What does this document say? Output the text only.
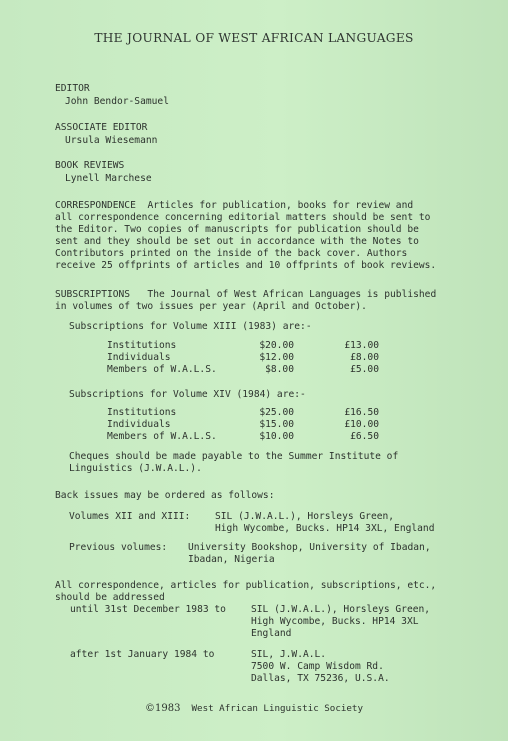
THE JOURNAL OF WEST AFRICAN LANGUAGES
EDITOR
John Bendor-Samuel
ASSOCIATE EDITOR
Ursula Wiesemann
BOOK REVIEWS
Lynell Marchese
CORRESPONDENCE Articles for publication, books for review and
all correspondence concerning editorial matters should be sent to
the Editor. Two copies of manuscripts for publication should be
sent and they should be set out in accordance with the Notes to
Contributors printed on the inside of the back cover. Authors
receive 25 offprints of articles and 10 offprints of book reviews.
SUBSCRIPTIONS The Journal of West African Languages is published
in volumes of two issues per year (April and October).
Subscriptions for Volume XIII (1983) are:-
Institutions	$20.00	£13.00
Individuals	$12.00	£8.00
Members of W.A.L.S.	$8.00	£5.00
Subscriptions for Volume XIV (1984) are:-
Institutions	$25.00	£16.50
Individuals	$15.00	£10.00
Members of W.A.L.S.	$10.00	£6.50
Cheques should be made payable to the Summer Institute of
Linguistics (J.W.A.L.).
Back issues may be ordered as follows:
Volumes XII and XIII:	SIL (J.W.A.L.), Horsleys Green,
High Wycombe, Bucks. HP14 3XL, England
Previous volumes: University Bookshop, University of Ibadan,
Ibadan, Nigeria
All correspondence, articles for publication, subscriptions, etc.,
should be addressed
until 31st December 1983 to	SIL (J.W.A.L.), Horsleys Green,
High Wycombe, Bucks. HP14 3XL
England
after 1st January 1984 to	SIL, J.W.A.L.
7500 W. Camp Wisdom Rd.
Dallas, TX 75236, U.S.A.
©1983 West African Linguistic Society
